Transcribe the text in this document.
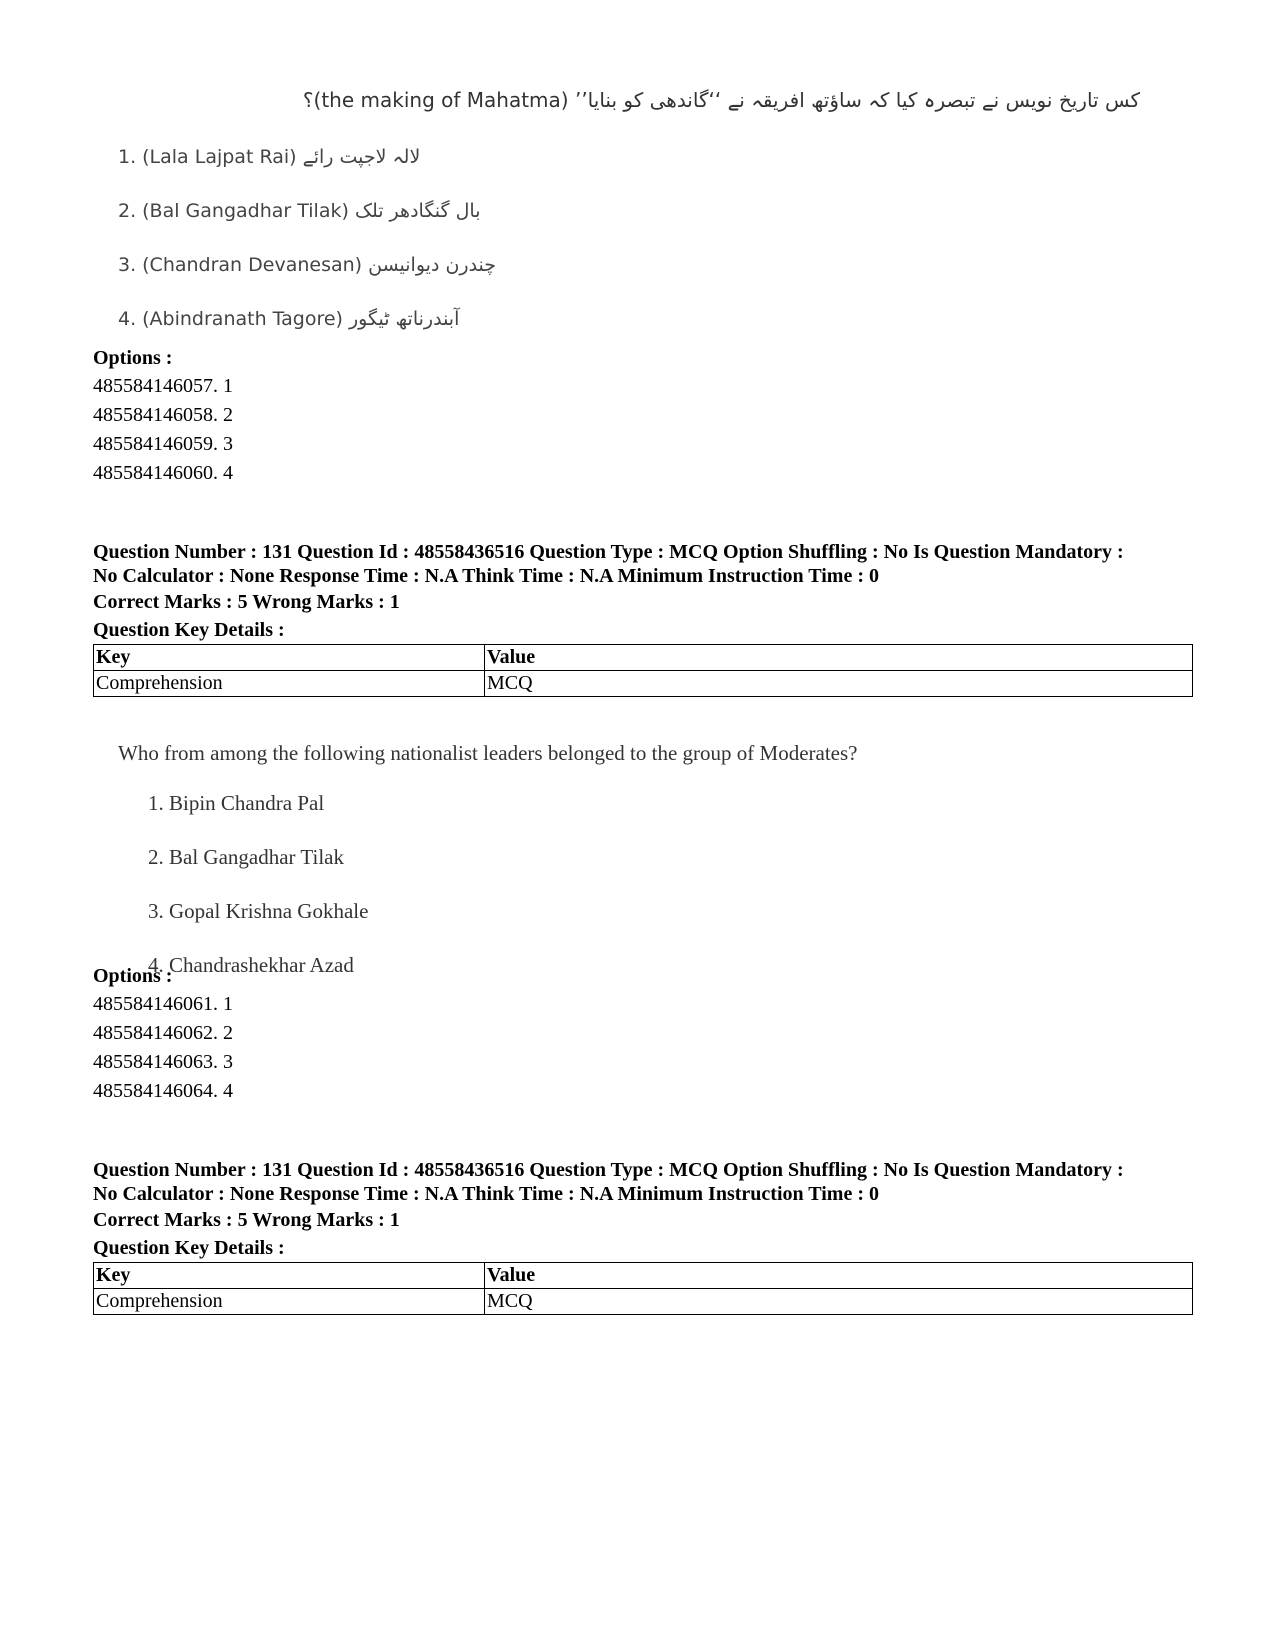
کس تاریخ نویس نے تبصرہ کیا کہ ساؤتھ افریقہ نے ‘‘گاندھی کو بنایا’’ (the making of Mahatma)؟
1. (Lala Lajpat Rai) لالہ لاجپت رائے
2. (Bal Gangadhar Tilak) بال گنگادھر تلک
3. (Chandran Devanesan) چندرن دیوانیسن
4. (Abindranath Tagore) آبندرناتھ ٹیگور
Options :
485584146057. 1
485584146058. 2
485584146059. 3
485584146060. 4
Question Number : 131 Question Id : 48558436516 Question Type : MCQ Option Shuffling : No Is Question Mandatory :
No Calculator : None Response Time : N.A Think Time : N.A Minimum Instruction Time : 0
Correct Marks : 5 Wrong Marks : 1
Question Key Details :
Key	Value
Comprehension	MCQ
Who from among the following nationalist leaders belonged to the group of Moderates?
1. Bipin Chandra Pal
2. Bal Gangadhar Tilak
3. Gopal Krishna Gokhale
4. Chandrashekhar Azad
Options :
485584146061. 1
485584146062. 2
485584146063. 3
485584146064. 4
Question Number : 131 Question Id : 48558436516 Question Type : MCQ Option Shuffling : No Is Question Mandatory :
No Calculator : None Response Time : N.A Think Time : N.A Minimum Instruction Time : 0
Correct Marks : 5 Wrong Marks : 1
Question Key Details :
Key	Value
Comprehension	MCQ
